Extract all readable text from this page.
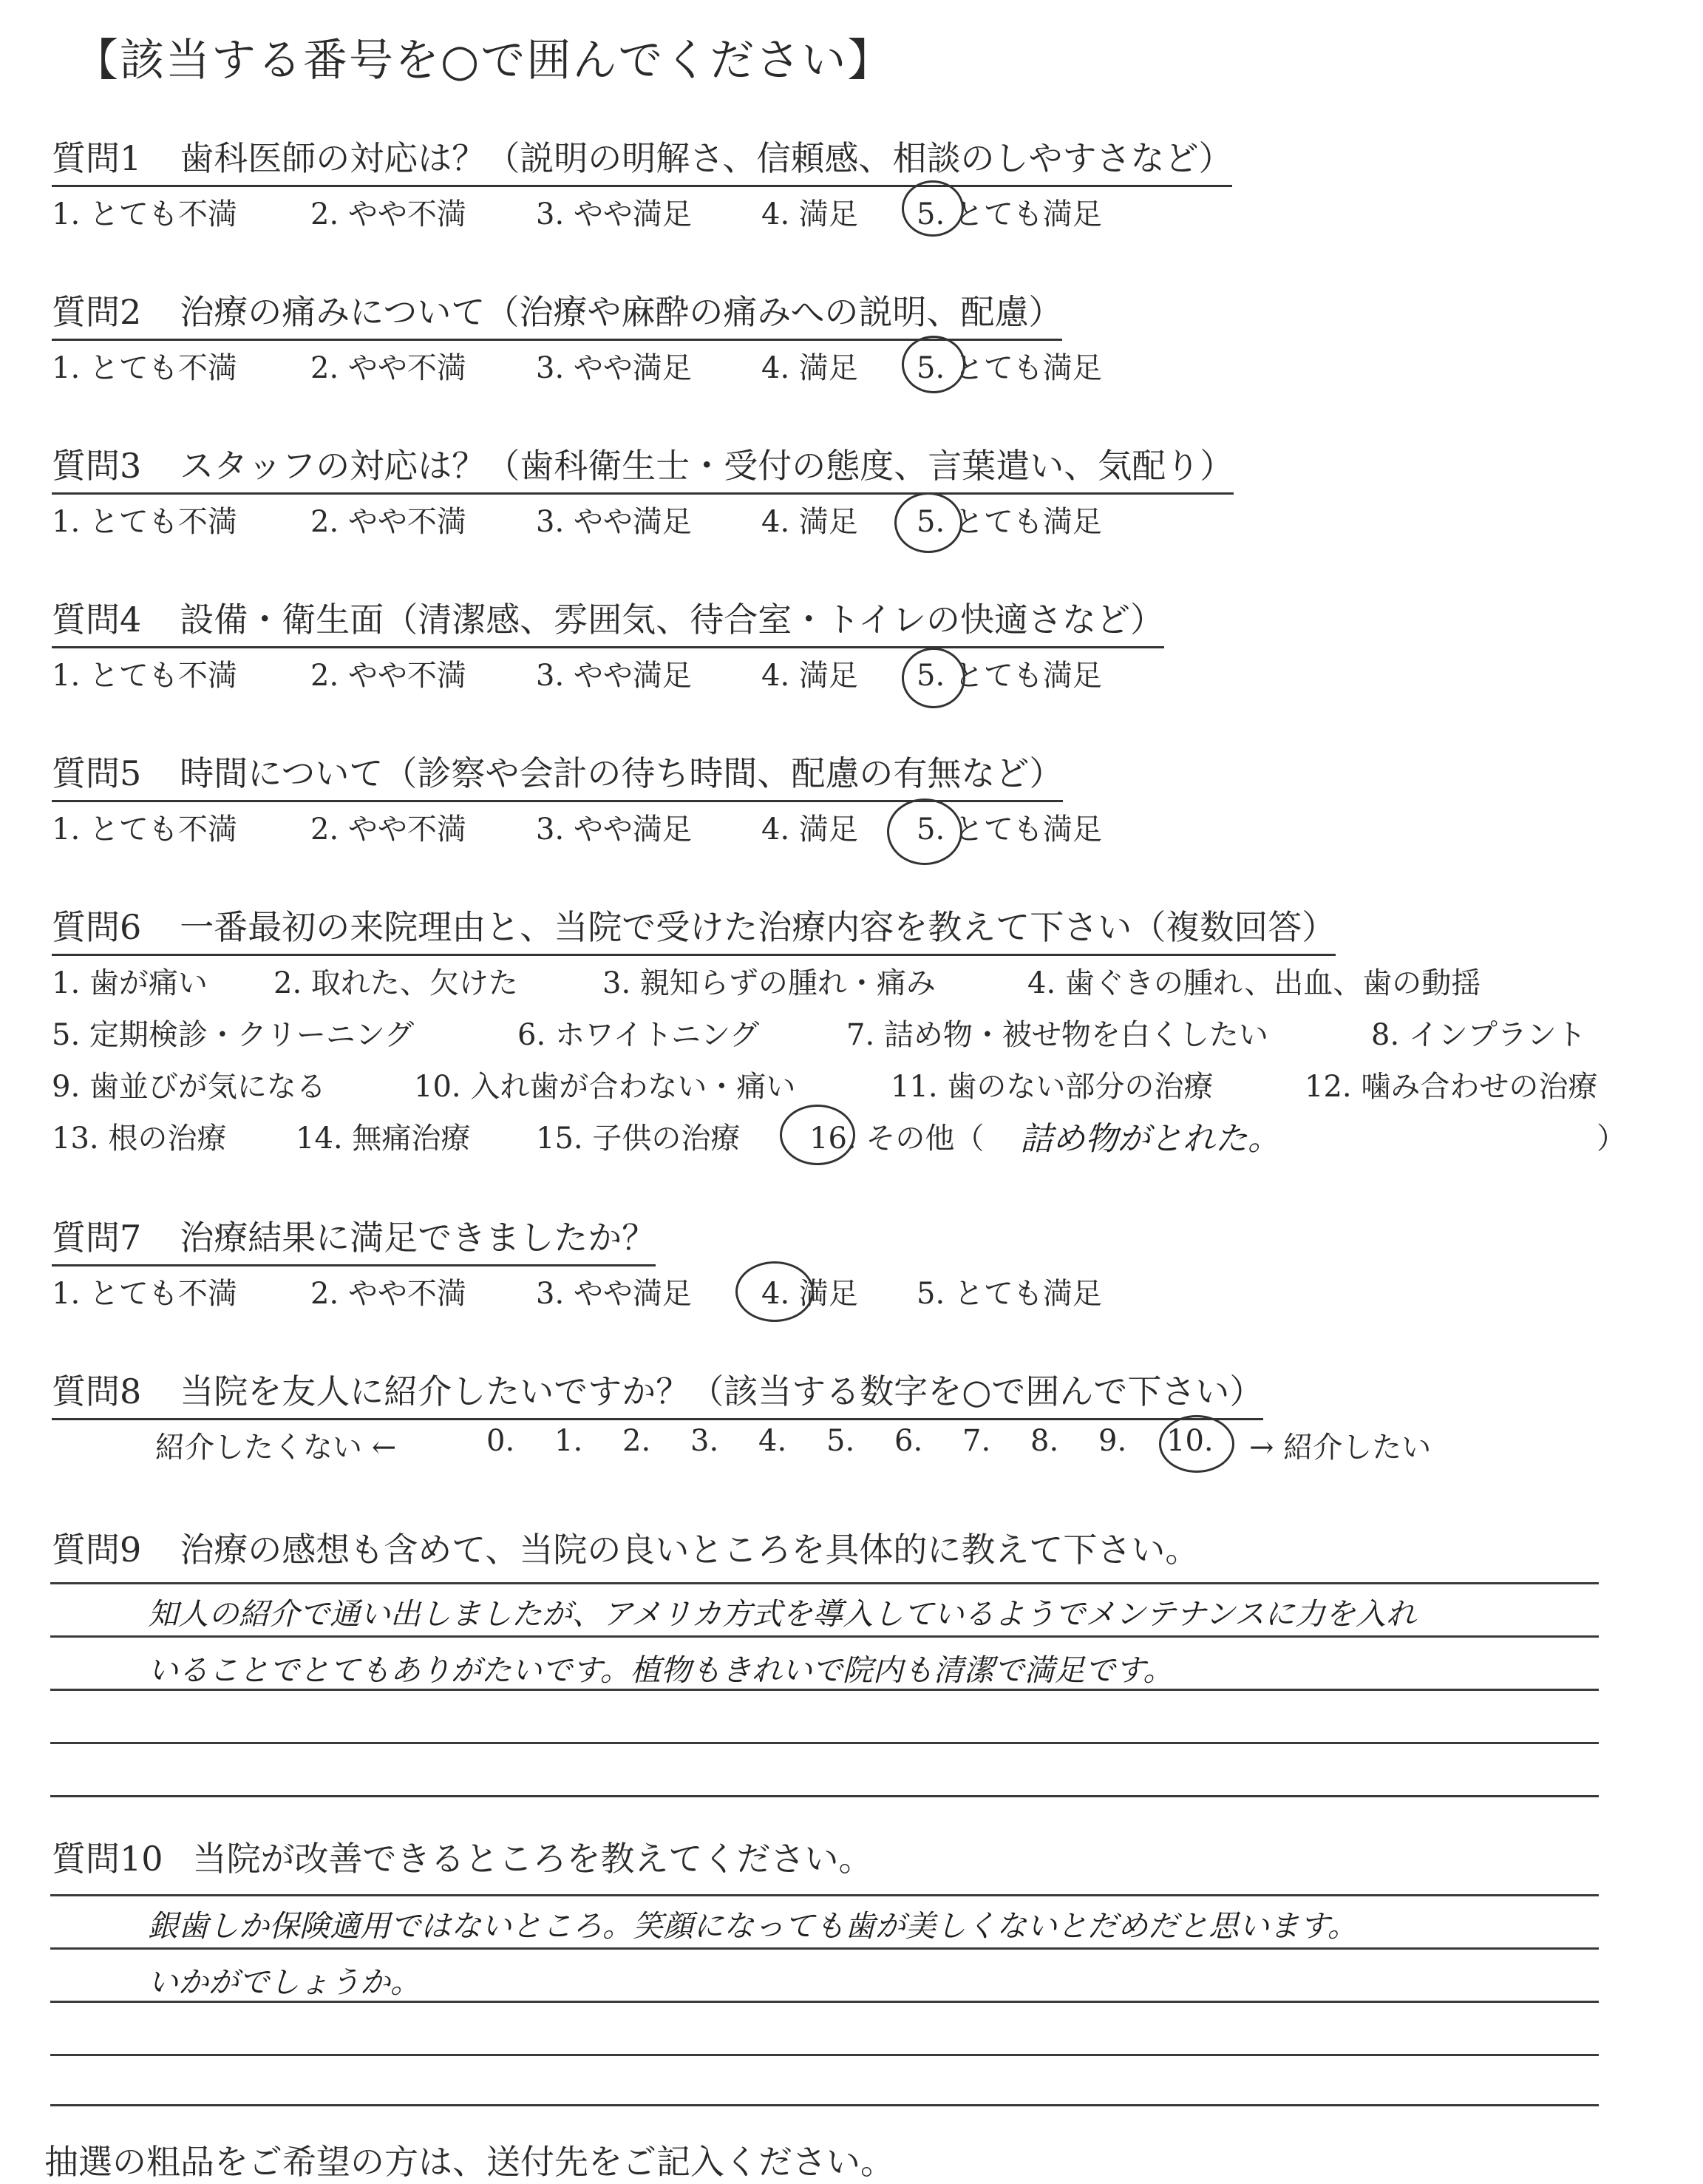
【該当する番号を○で囲んでください】
質問1 歯科医師の対応は？（説明の明解さ、信頼感、相談のしやすさなど）
1. とても不満 2. やや不満 3. やや満足 4. 満足 5. とても満足
質問2 治療の痛みについて（治療や麻酔の痛みへの説明、配慮）
1. とても不満 2. やや不満 3. やや満足 4. 満足 5. とても満足
質問3 スタッフの対応は？（歯科衛生士・受付の態度、言葉遣い、気配り）
1. とても不満 2. やや不満 3. やや満足 4. 満足 5. とても満足
質問4 設備・衛生面（清潔感、雰囲気、待合室・トイレの快適さなど）
1. とても不満 2. やや不満 3. やや満足 4. 満足 5. とても満足
質問5 時間について（診察や会計の待ち時間、配慮の有無など）
1. とても不満 2. やや不満 3. やや満足 4. 満足 5. とても満足
質問6 一番最初の来院理由と、当院で受けた治療内容を教えて下さい（複数回答）
1. 歯が痛い 2. 取れた、欠けた	3. 親知らずの腫れ・痛み	4. 歯ぐきの腫れ、出血、歯の動揺
5. 定期検診・クリーニング	6. ホワイトニング	7. 詰め物・被せ物を白くしたい	8. インプラント
9. 歯並びが気になる	10. 入れ歯が合わない・痛い	11. 歯のない部分の治療	12. 噛み合わせの治療
13. 根の治療 14. 無痛治療 15. 子供の治療 16. その他（ 詰め物がとれた。	）
質問7 治療結果に満足できましたか？
1. とても不満 2. やや不満 3. やや満足 4. 満足 5. とても満足
質問8 当院を友人に紹介したいですか？（該当する数字を○で囲んで下さい）
紹介したくない ←	0. 1. 2. 3. 4. 5. 6. 7. 8. 9. 10. → 紹介したい
質問9 治療の感想も含めて、当院の良いところを具体的に教えて下さい。
知人の紹介で通い出しましたが、アメリカ方式を導入しているようでメンテナンスに力を入れ
いることでとてもありがたいです。植物もきれいで院内も清潔で満足です。
質問10 当院が改善できるところを教えてください。
銀歯しか保険適用ではないところ。笑顔になっても歯が美しくないとだめだと思います。
いかがでしょうか。
抽選の粗品をご希望の方は、送付先をご記入ください。
